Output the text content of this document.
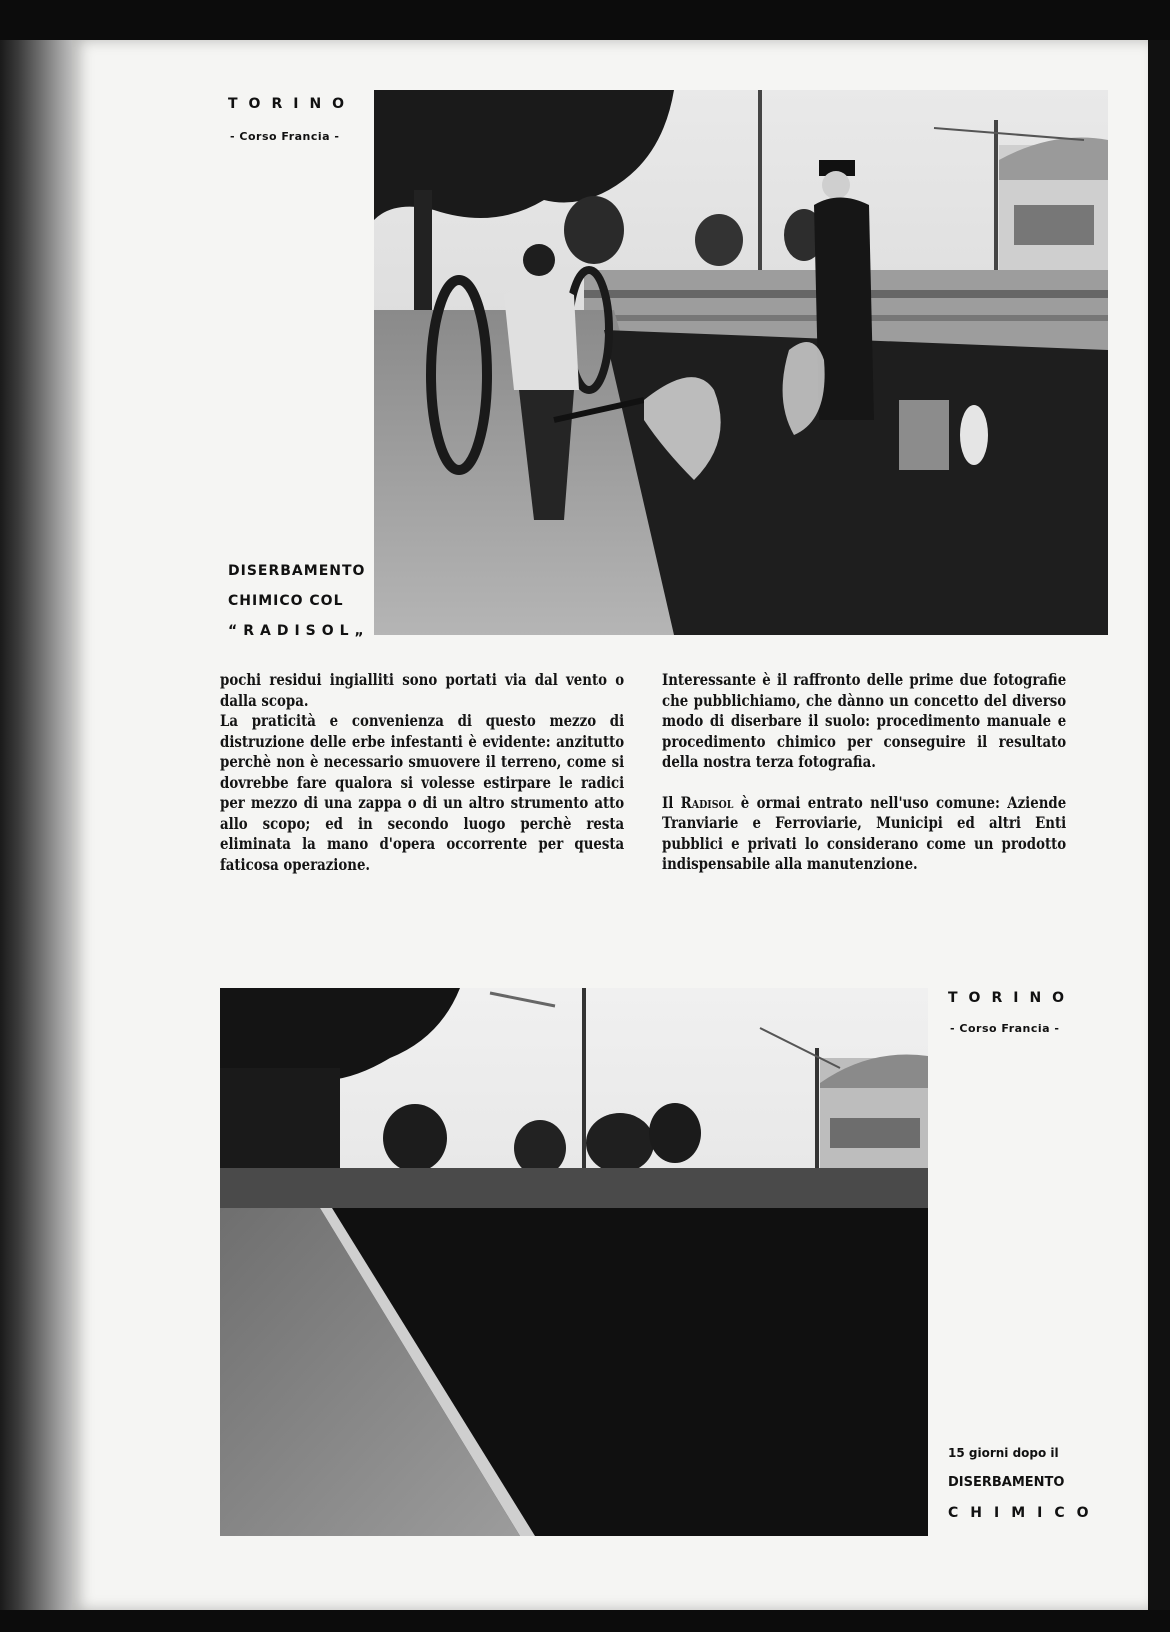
TORINO
- Corso Francia -
DISERBAMENTO
CHIMICO COL
“RADISOL„

pochi residui ingialliti sono portati via dal vento o dalla scopa.

La praticità e convenienza di questo mezzo di distruzione delle erbe infestanti è evidente: anzitutto perchè non è necessario smuovere il terreno, come si dovrebbe fare qualora si volesse estirpare le radici per mezzo di una zappa o di un altro strumento atto allo scopo; ed in secondo luogo perchè resta eliminata la mano d'opera occorrente per questa faticosa operazione.

Interessante è il raffronto delle prime due fotografie che pubblichiamo, che dànno un concetto del diverso modo di diserbare il suolo: procedimento manuale e procedimento chimico per conseguire il resultato della nostra terza fotografia.

Il Radisol è ormai entrato nell'uso comune: Aziende Tranviarie e Ferroviarie, Municipi ed altri Enti pubblici e privati lo considerano come un prodotto indispensabile alla manutenzione.

TORINO
- Corso Francia -
15 giorni dopo il
DISERBAMENTO
CHIMICO
